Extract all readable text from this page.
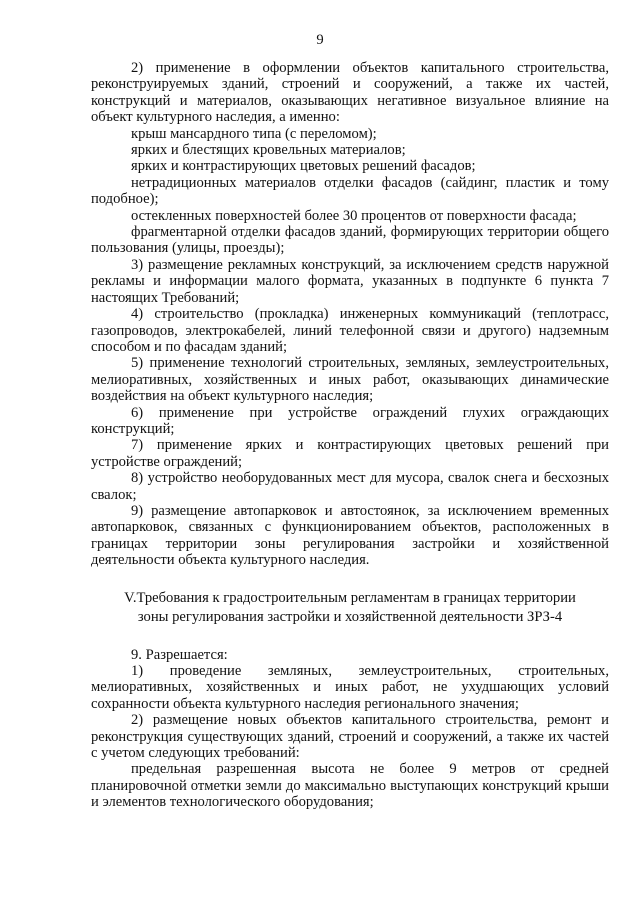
9

2) применение в оформлении объектов капитального строительства, реконструируемых зданий, строений и сооружений, а также их частей, конструкций и материалов, оказывающих негативное визуальное влияние на объект культурного наследия, а именно:

крыш мансардного типа (с переломом);

ярких и блестящих кровельных материалов;

ярких и контрастирующих цветовых решений фасадов;

нетрадиционных материалов отделки фасадов (сайдинг, пластик и тому подобное);

остекленных поверхностей более 30 процентов от поверхности фасада;

фрагментарной отделки фасадов зданий, формирующих территории общего пользования (улицы, проезды);

3) размещение рекламных конструкций, за исключением средств наружной рекламы и информации малого формата, указанных в подпункте 6 пункта 7 настоящих Требований;

4) строительство (прокладка) инженерных коммуникаций (теплотрасс, газопроводов, электрокабелей, линий телефонной связи и другого) надземным способом и по фасадам зданий;

5) применение технологий строительных, земляных, землеустроительных, мелиоративных, хозяйственных и иных работ, оказывающих динамические воздействия на объект культурного наследия;

6) применение при устройстве ограждений глухих ограждающих конструкций;

7) применение ярких и контрастирующих цветовых решений при устройстве ограждений;

8) устройство необорудованных мест для мусора, свалок снега и бесхозных свалок;

9) размещение автопарковок и автостоянок, за исключением временных автопарковок, связанных с функционированием объектов, расположенных в границах территории зоны регулирования застройки и хозяйственной деятельности объекта культурного наследия.

V.Требования к градостроительным регламентам в границах территории
зоны регулирования застройки и хозяйственной деятельности ЗРЗ-4

9. Разрешается:

1) проведение земляных, землеустроительных, строительных, мелиоративных, хозяйственных и иных работ, не ухудшающих условий сохранности объекта культурного наследия регионального значения;

2) размещение новых объектов капитального строительства, ремонт и реконструкция существующих зданий, строений и сооружений, а также их частей с учетом следующих требований:

предельная разрешенная высота не более 9 метров от средней планировочной отметки земли до максимально выступающих конструкций крыши и элементов технологического оборудования;
